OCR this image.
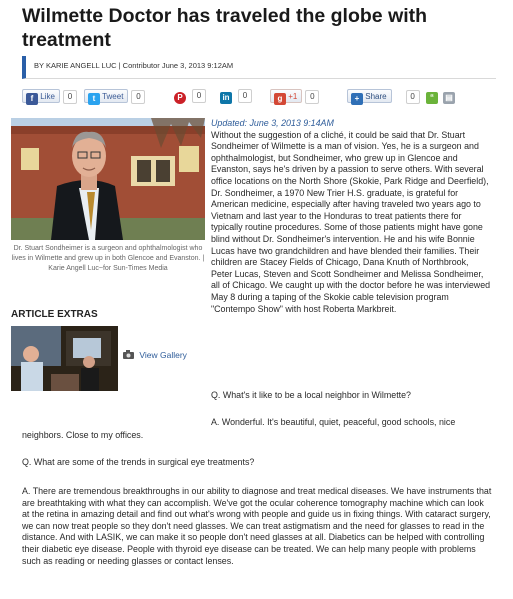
Wilmette Doctor has traveled the globe with treatment
BY KARIE ANGELL LUC | Contributor June 3, 2013 9:12AM
f Like 0	t Tweet 0	P 0	in 0	g +1 0	+ Share	0	“	▤
Dr. Stuart Sondheimer is a surgeon and ophthalmologist who lives in Wilmette and grew up in both Glencoe and Evanston. | Karie Angell Luc~for Sun-Times Media
ARTICLE EXTRAS
View Gallery
Updated: June 3, 2013 9:14AM
Without the suggestion of a cliché, it could be said that Dr. Stuart Sondheimer of Wilmette is a man of vision. Yes, he is a surgeon and ophthalmologist, but Sondheimer, who grew up in Glencoe and Evanston, says he's driven by a passion to serve others. With several office locations on the North Shore (Skokie, Park Ridge and Deerfield), Dr. Sondheimer, a 1970 New Trier H.S. graduate, is grateful for American medicine, especially after having traveled two years ago to Vietnam and last year to the Honduras to treat patients there for typically routine procedures. Some of those patients might have gone blind without Dr. Sondheimer's intervention. He and his wife Bonnie Lucas have two grandchildren and have blended their families. Their children are Stacey Fields of Chicago, Dana Knuth of Northbrook, Peter Lucas, Steven and Scott Sondheimer and Melissa Sondheimer, all of Chicago. We caught up with the doctor before he was interviewed May 8 during a taping of the Skokie cable television program "Contempo Show" with host Roberta Markbreit.
Q. What's it like to be a local neighbor in Wilmette?
A. Wonderful. It's beautiful, quiet, peaceful, good schools, nice
neighbors. Close to my offices.
Q. What are some of the trends in surgical eye treatments?
A. There are tremendous breakthroughs in our ability to diagnose and treat medical diseases. We have instruments that are breathtaking with what they can accomplish. We've got the ocular coherence tomography machine which can look at the retina in amazing detail and find out what's wrong with people and guide us in fixing things. With cataract surgery, we can now treat people so they don't need glasses. We can treat astigmatism and the need for glasses to read in the distance. And with LASIK, we can make it so people don't need glasses at all. Diabetics can be helped with controlling their diabetic eye disease. People with thyroid eye disease can be treated. We can help many people with problems such as reading or needing glasses or contact lenses.
